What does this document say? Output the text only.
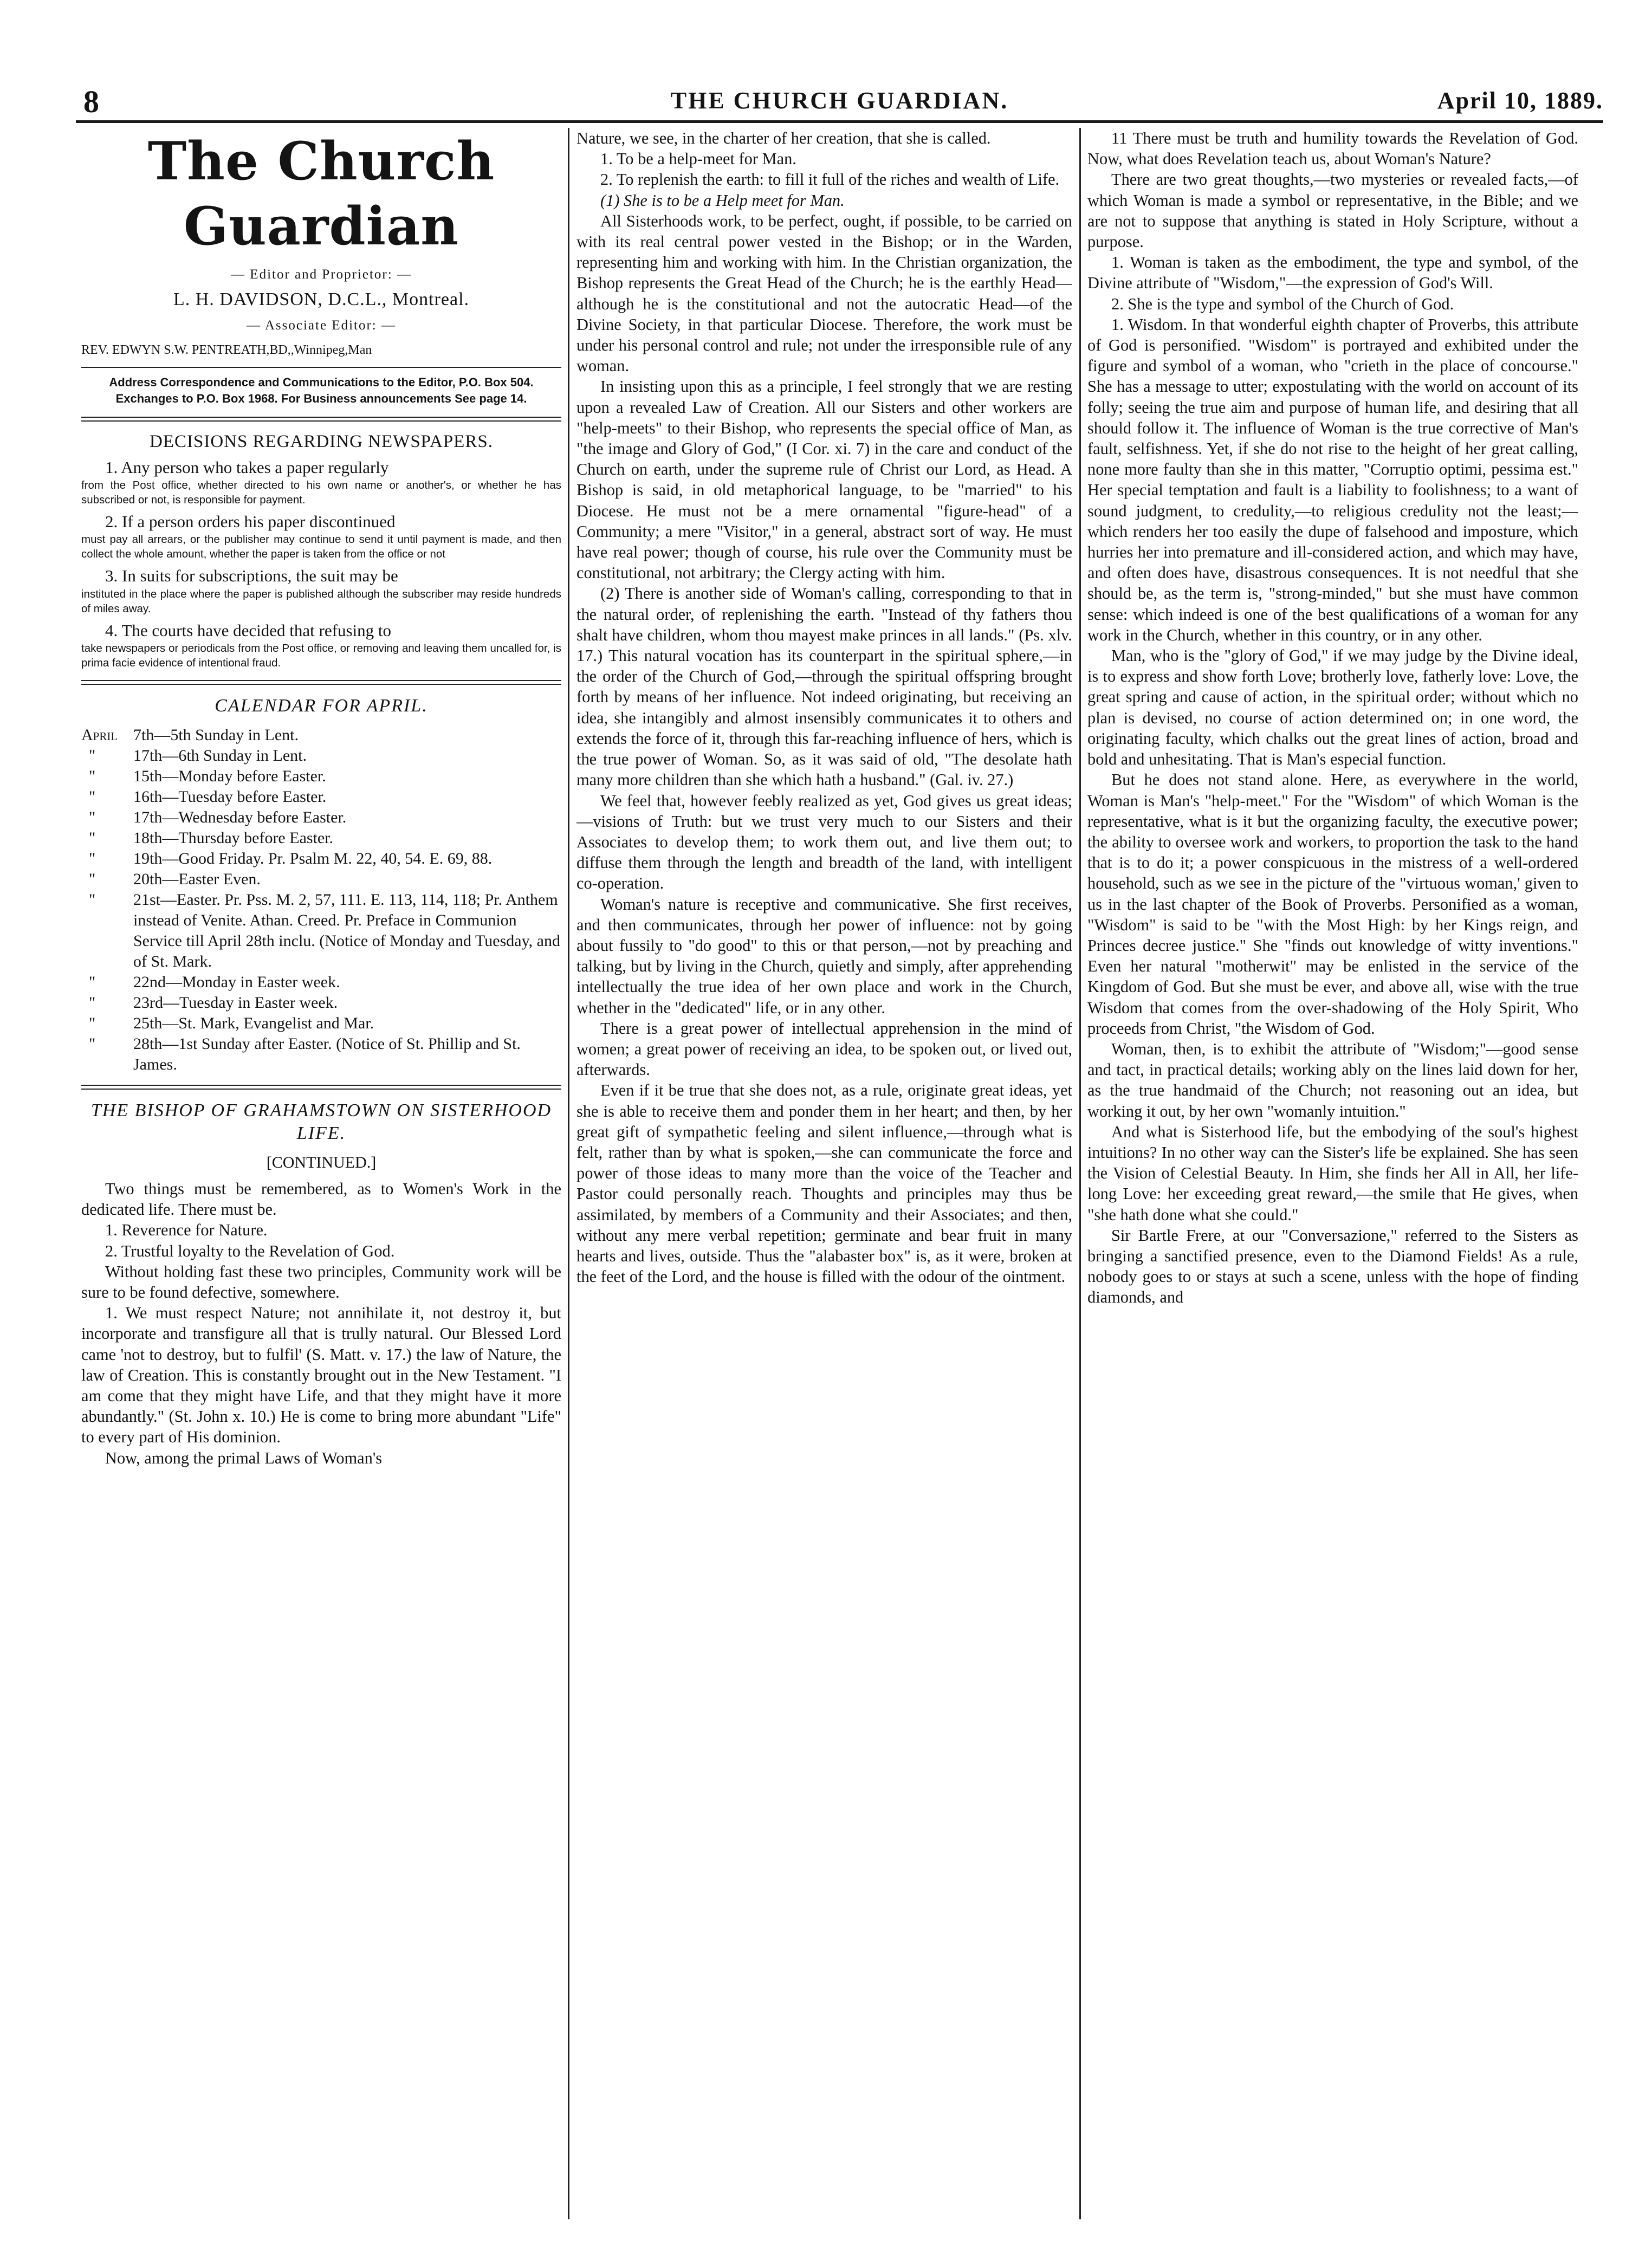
8	THE CHURCH GUARDIAN.	April 10, 1889.
The Church Guardian
— Editor and Proprietor: —
L. H. DAVIDSON, D.C.L., Montreal.
— Associate Editor: —
REV. EDWYN S.W. PENTREATH,BD,,Winnipeg,Man
Address Correspondence and Communications to the Editor, P.O. Box 504. Exchanges to P.O. Box 1968. For Business announcements See page 14.
DECISIONS REGARDING NEWSPAPERS.

1. Any person who takes a paper regularly

from the Post office, whether directed to his own name or another's, or whether he has subscribed or not, is responsible for payment.

2. If a person orders his paper discontinued

must pay all arrears, or the publisher may continue to send it until payment is made, and then collect the whole amount, whether the paper is taken from the office or not

3. In suits for subscriptions, the suit may be

instituted in the place where the paper is published although the subscriber may reside hundreds of miles away.

4. The courts have decided that refusing to

take newspapers or periodicals from the Post office, or removing and leaving them uncalled for, is prima facie evidence of intentional fraud.

CALENDAR FOR APRIL.
April 7th—5th Sunday in Lent.
"	17th—6th Sunday in Lent.
"	15th—Monday before Easter.
"	16th—Tuesday before Easter.
"	17th—Wednesday before Easter.
"	18th—Thursday before Easter.
"	19th—Good Friday. Pr. Psalm M. 22, 40, 54. E. 69, 88.
"	20th—Easter Even.
"	21st—Easter. Pr. Pss. M. 2, 57, 111. E. 113, 114, 118; Pr. Anthem instead of Venite. Athan. Creed. Pr. Preface in Communion Service till April 28th inclu. (Notice of Monday and Tuesday, and of St. Mark.
"	22nd—Monday in Easter week.
"	23rd—Tuesday in Easter week.
"	25th—St. Mark, Evangelist and Mar.
"	28th—1st Sunday after Easter. (Notice of St. Phillip and St. James.
THE BISHOP OF GRAHAMSTOWN ON SISTERHOOD LIFE.
[CONTINUED.]

Two things must be remembered, as to Women's Work in the dedicated life. There must be.

1. Reverence for Nature.

2. Trustful loyalty to the Revelation of God.

Without holding fast these two principles, Community work will be sure to be found defective, somewhere.

1. We must respect Nature; not annihilate it, not destroy it, but incorporate and transfigure all that is trully natural. Our Blessed Lord came 'not to destroy, but to fulfil' (S. Matt. v. 17.) the law of Nature, the law of Creation. This is constantly brought out in the New Testament. "I am come that they might have Life, and that they might have it more abundantly." (St. John x. 10.) He is come to bring more abundant "Life" to every part of His dominion.

Now, among the primal Laws of Woman's

Nature, we see, in the charter of her creation, that she is called.

1. To be a help-meet for Man.

2. To replenish the earth: to fill it full of the riches and wealth of Life.

(1) She is to be a Help meet for Man.

All Sisterhoods work, to be perfect, ought, if possible, to be carried on with its real central power vested in the Bishop; or in the Warden, representing him and working with him. In the Christian organization, the Bishop represents the Great Head of the Church; he is the earthly Head—although he is the constitutional and not the autocratic Head—of the Divine Society, in that particular Diocese. Therefore, the work must be under his personal control and rule; not under the irresponsible rule of any woman.

In insisting upon this as a principle, I feel strongly that we are resting upon a revealed Law of Creation. All our Sisters and other workers are "help-meets" to their Bishop, who represents the special office of Man, as "the image and Glory of God," (I Cor. xi. 7) in the care and conduct of the Church on earth, under the supreme rule of Christ our Lord, as Head. A Bishop is said, in old metaphorical language, to be "married" to his Diocese. He must not be a mere ornamental "figure-head" of a Community; a mere "Visitor," in a general, abstract sort of way. He must have real power; though of course, his rule over the Community must be constitutional, not arbitrary; the Clergy acting with him.

(2) There is another side of Woman's calling, corresponding to that in the natural order, of replenishing the earth. "Instead of thy fathers thou shalt have children, whom thou mayest make princes in all lands." (Ps. xlv. 17.) This natural vocation has its counterpart in the spiritual sphere,—in the order of the Church of God,—through the spiritual offspring brought forth by means of her influence. Not indeed originating, but receiving an idea, she intangibly and almost insensibly communicates it to others and extends the force of it, through this far-reaching influence of hers, which is the true power of Woman. So, as it was said of old, "The desolate hath many more children than she which hath a husband." (Gal. iv. 27.)

We feel that, however feebly realized as yet, God gives us great ideas;—visions of Truth: but we trust very much to our Sisters and their Associates to develop them; to work them out, and live them out; to diffuse them through the length and breadth of the land, with intelligent co-operation.

Woman's nature is receptive and communicative. She first receives, and then communicates, through her power of influence: not by going about fussily to "do good" to this or that person,—not by preaching and talking, but by living in the Church, quietly and simply, after apprehending intellectually the true idea of her own place and work in the Church, whether in the "dedicated" life, or in any other.

There is a great power of intellectual apprehension in the mind of women; a great power of receiving an idea, to be spoken out, or lived out, afterwards.

Even if it be true that she does not, as a rule, originate great ideas, yet she is able to receive them and ponder them in her heart; and then, by her great gift of sympathetic feeling and silent influence,—through what is felt, rather than by what is spoken,—she can communicate the force and power of those ideas to many more than the voice of the Teacher and Pastor could personally reach. Thoughts and principles may thus be assimilated, by members of a Community and their Associates; and then, without any mere verbal repetition; germinate and bear fruit in many hearts and lives, outside. Thus the "alabaster box" is, as it were, broken at the feet of the Lord, and the house is filled with the odour of the ointment.

11 There must be truth and humility towards the Revelation of God. Now, what does Revelation teach us, about Woman's Nature?

There are two great thoughts,—two mysteries or revealed facts,—of which Woman is made a symbol or representative, in the Bible; and we are not to suppose that anything is stated in Holy Scripture, without a purpose.

1. Woman is taken as the embodiment, the type and symbol, of the Divine attribute of "Wisdom,"—the expression of God's Will.

2. She is the type and symbol of the Church of God.

1. Wisdom. In that wonderful eighth chapter of Proverbs, this attribute of God is personified. "Wisdom" is portrayed and exhibited under the figure and symbol of a woman, who "crieth in the place of concourse." She has a message to utter; expostulating with the world on account of its folly; seeing the true aim and purpose of human life, and desiring that all should follow it. The influence of Woman is the true corrective of Man's fault, selfishness. Yet, if she do not rise to the height of her great calling, none more faulty than she in this matter, "Corruptio optimi, pessima est." Her special temptation and fault is a liability to foolishness; to a want of sound judgment, to credulity,—to religious credulity not the least;—which renders her too easily the dupe of falsehood and imposture, which hurries her into premature and ill-considered action, and which may have, and often does have, disastrous consequences. It is not needful that she should be, as the term is, "strong-minded," but she must have common sense: which indeed is one of the best qualifications of a woman for any work in the Church, whether in this country, or in any other.

Man, who is the "glory of God," if we may judge by the Divine ideal, is to express and show forth Love; brotherly love, fatherly love: Love, the great spring and cause of action, in the spiritual order; without which no plan is devised, no course of action determined on; in one word, the originating faculty, which chalks out the great lines of action, broad and bold and unhesitating. That is Man's especial function.

But he does not stand alone. Here, as everywhere in the world, Woman is Man's "help-meet." For the "Wisdom" of which Woman is the representative, what is it but the organizing faculty, the executive power; the ability to oversee work and workers, to proportion the task to the hand that is to do it; a power conspicuous in the mistress of a well-ordered household, such as we see in the picture of the "virtuous woman,' given to us in the last chapter of the Book of Proverbs. Personified as a woman, "Wisdom" is said to be "with the Most High: by her Kings reign, and Princes decree justice." She "finds out knowledge of witty inventions." Even her natural "motherwit" may be enlisted in the service of the Kingdom of God. But she must be ever, and above all, wise with the true Wisdom that comes from the over-shadowing of the Holy Spirit, Who proceeds from Christ, "the Wisdom of God.

Woman, then, is to exhibit the attribute of "Wisdom;"—good sense and tact, in practical details; working ably on the lines laid down for her, as the true handmaid of the Church; not reasoning out an idea, but working it out, by her own "womanly intuition."

And what is Sisterhood life, but the embodying of the soul's highest intuitions? In no other way can the Sister's life be explained. She has seen the Vision of Celestial Beauty. In Him, she finds her All in All, her life-long Love: her exceeding great reward,—the smile that He gives, when "she hath done what she could."

Sir Bartle Frere, at our "Conversazione," referred to the Sisters as bringing a sanctified presence, even to the Diamond Fields! As a rule, nobody goes to or stays at such a scene, unless with the hope of finding diamonds, and
